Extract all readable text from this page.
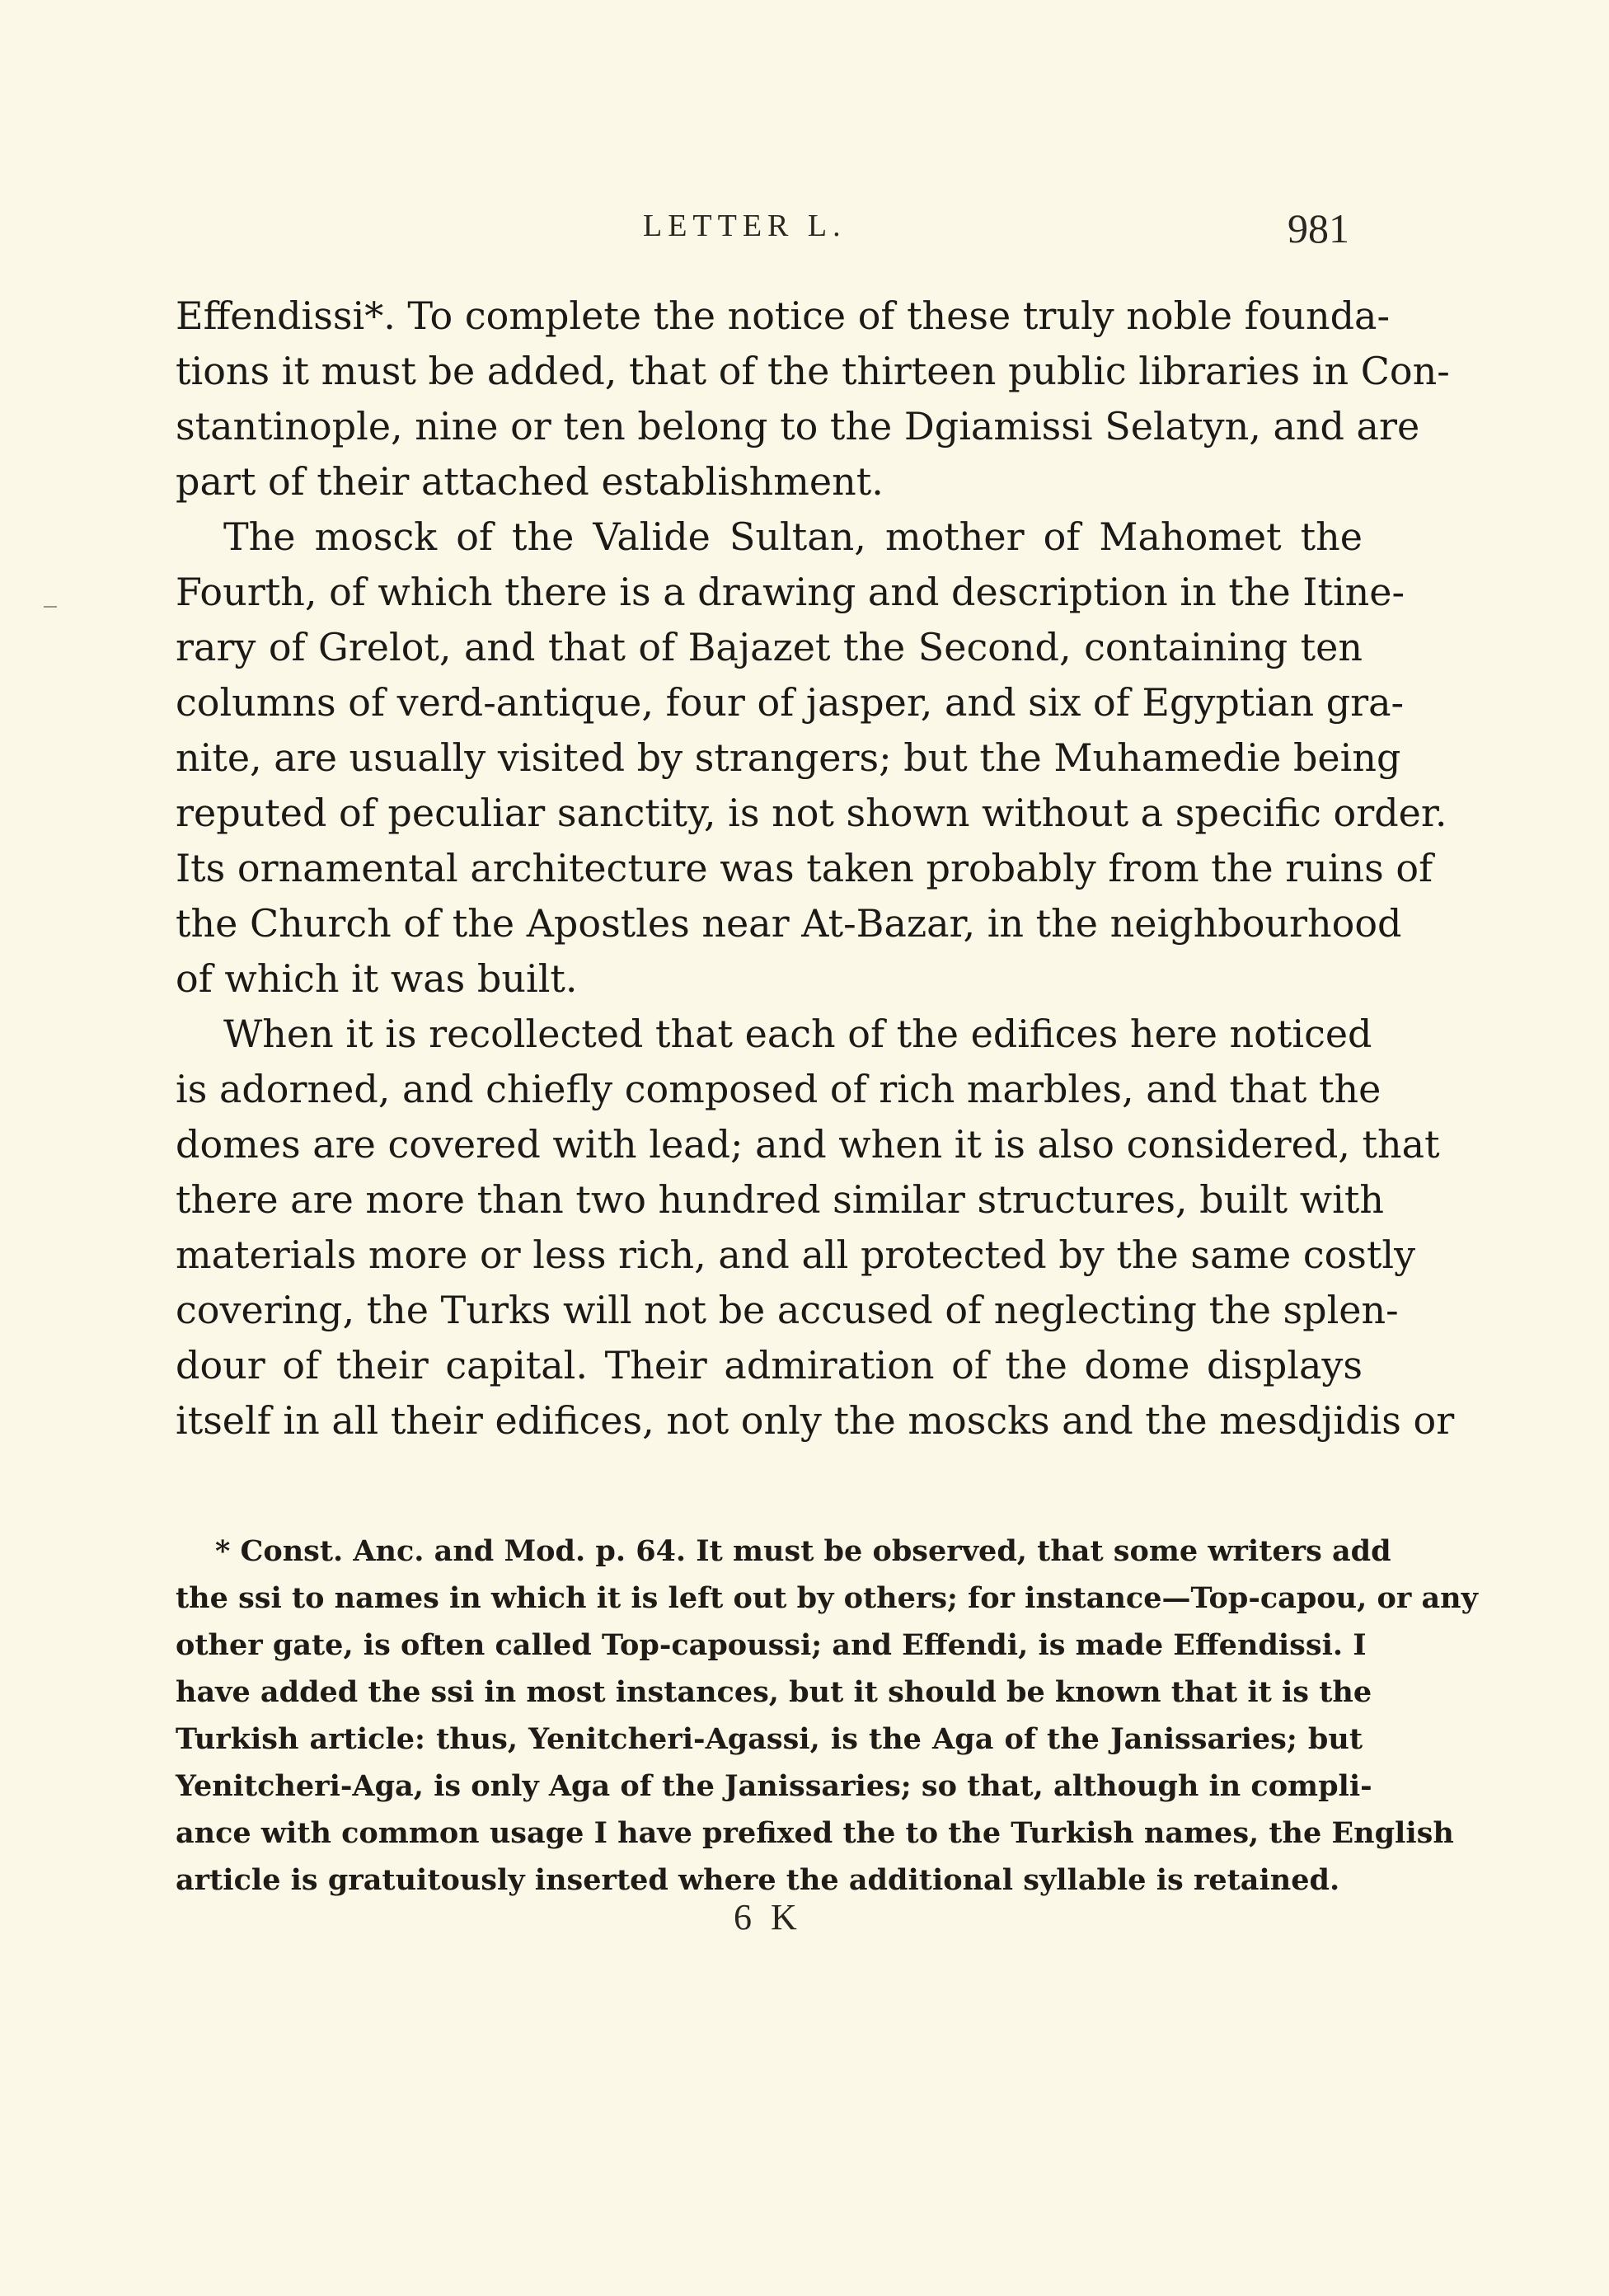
LETTER L.	981
Effendissi*. To complete the notice of these truly noble founda-
tions it must be added, that of the thirteen public libraries in Con-
stantinople, nine or ten belong to the Dgiamissi Selatyn, and are
part of their attached establishment.
The mosck of the Valide Sultan, mother of Mahomet the
Fourth, of which there is a drawing and description in the Itine-
rary of Grelot, and that of Bajazet the Second, containing ten
columns of verd-antique, four of jasper, and six of Egyptian gra-
nite, are usually visited by strangers; but the Muhamedie being
reputed of peculiar sanctity, is not shown without a specific order.
Its ornamental architecture was taken probably from the ruins of
the Church of the Apostles near At-Bazar, in the neighbourhood
of which it was built.
When it is recollected that each of the edifices here noticed
is adorned, and chiefly composed of rich marbles, and that the
domes are covered with lead; and when it is also considered, that
there are more than two hundred similar structures, built with
materials more or less rich, and all protected by the same costly
covering, the Turks will not be accused of neglecting the splen-
dour of their capital. Their admiration of the dome displays
itself in all their edifices, not only the moscks and the mesdjidis or
* Const. Anc. and Mod. p. 64. It must be observed, that some writers add
the ssi to names in which it is left out by others; for instance—Top-capou, or any
other gate, is often called Top-capoussi; and Effendi, is made Effendissi. I
have added the ssi in most instances, but it should be known that it is the
Turkish article: thus, Yenitcheri-Agassi, is the Aga of the Janissaries; but
Yenitcheri-Aga, is only Aga of the Janissaries; so that, although in compli-
ance with common usage I have prefixed the to the Turkish names, the English
article is gratuitously inserted where the additional syllable is retained.
6 K
